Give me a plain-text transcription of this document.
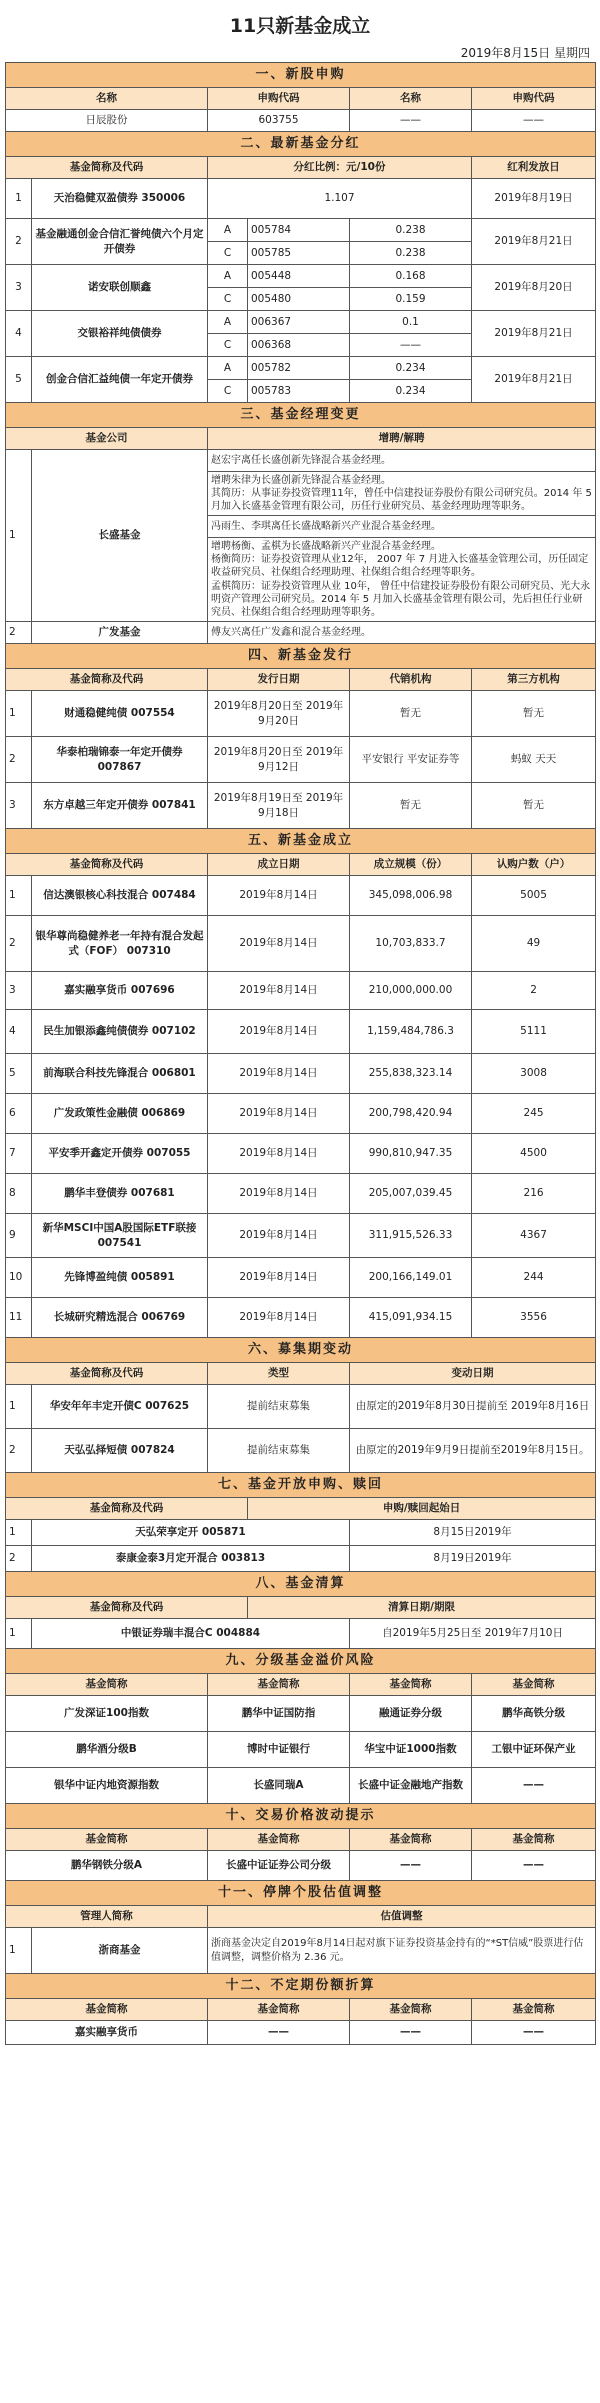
11只新基金成立
2019年8月15日 星期四
一、新股申购					
名称		申购代码		名称	申购代码
日辰股份		603755		——	——
二、最新基金分红					
基金简称及代码		分红比例：元/10份			红利发放日
1	天治稳健双盈债券 350006	1.107			2019年8月19日
2	基金融通创金合信汇誉纯债六个月定开债券	A	005784	0.238	2019年8月21日
		C	005785	0.238	
3	诺安联创顺鑫	A	005448	0.168	2019年8月20日
		C	005480	0.159	
4	交银裕祥纯债债券	A	006367	0.1	2019年8月21日
		C	006368	——	
5	创金合信汇益纯债一年定开债券	A	005782	0.234	2019年8月21日
		C	005783	0.234	
三、基金经理变更					
基金公司		增聘/解聘			
1	长盛基金	赵宏宇离任长盛创新先锋混合基金经理。			

		增聘朱律为长盛创新先锋混合基金经理。
其简历：从事证券投资管理11年，曾任中信建投证券股份有限公司研究员。2014 年 5 月加入长盛基金管理有限公司，历任行业研究员、基金经理助理等职务。			

		冯雨生、李琪离任长盛战略新兴产业混合基金经理。			

		增聘杨衡、孟棋为长盛战略新兴产业混合基金经理。
杨衡简历：证券投资管理从业12年， 2007 年 7 月进入长盛基金管理公司，历任固定收益研究员、社保组合经理助理、社保组合组合经理等职务。
孟棋简历：证券投资管理从业 10年， 曾任中信建投证券股份有限公司研究员、光大永明资产管理公司研究员。2014 年 5 月加入长盛基金管理有限公司，先后担任行业研究员、社保组合组合经理助理等职务。			

2	广发基金	傅友兴离任广发鑫和混合基金经理。			

四、新基金发行					
基金简称及代码		发行日期		代销机构	第三方机构
1	财通稳健纯债 007554	2019年8月20日至 2019年9月20日		暂无	暂无
2	华泰柏瑞锦泰一年定开债券007867	2019年8月20日至 2019年9月12日		平安银行 平安证券等	蚂蚁 天天
3	东方卓越三年定开债券 007841	2019年8月19日至 2019年9月18日		暂无	暂无
五、新基金成立					
基金简称及代码		成立日期		成立规模（份）	认购户数（户）
1	信达澳银核心科技混合 007484	2019年8月14日		345,098,006.98	5005
2	银华尊尚稳健养老一年持有混合发起式（FOF） 007310	2019年8月14日		10,703,833.7	49
3	嘉实融享货币 007696	2019年8月14日		210,000,000.00	2
4	民生加银添鑫纯债债券 007102	2019年8月14日		1,159,484,786.3	5111
5	前海联合科技先锋混合 006801	2019年8月14日		255,838,323.14	3008
6	广发政策性金融债 006869	2019年8月14日		200,798,420.94	245
7	平安季开鑫定开债券 007055	2019年8月14日		990,810,947.35	4500
8	鹏华丰登债券 007681	2019年8月14日		205,007,039.45	216
9	新华MSCI中国A股国际ETF联接 007541	2019年8月14日		311,915,526.33	4367
10	先锋博盈纯债 005891	2019年8月14日		200,166,149.01	244
11	长城研究精选混合 006769	2019年8月14日		415,091,934.15	3556
六、募集期变动					
基金简称及代码		类型		变动日期	
1	华安年年丰定开债C 007625	提前结束募集		由原定的2019年8月30日提前至 2019年8月16日	
2	天弘弘择短债 007824	提前结束募集		由原定的2019年9月9日提前至2019年8月15日。	
七、基金开放申购、赎回					
基金简称及代码			申购/赎回起始日		
1	天弘荣享定开 005871			8月15日2019年	
2	泰康金泰3月定开混合 003813			8月19日2019年	
八、基金清算					
基金简称及代码			清算日期/期限		
1	中银证券瑞丰混合C 004884			自2019年5月25日至 2019年7月10日	
九、分级基金溢价风险					
基金简称		基金简称		基金简称	基金简称
广发深证100指数		鹏华中证国防指		融通证券分级	鹏华高铁分级
鹏华酒分级B		博时中证银行		华宝中证1000指数	工银中证环保产业
银华中证内地资源指数		长盛同瑞A		长盛中证金融地产指数	——
十、交易价格波动提示					
基金简称		基金简称		基金简称	基金简称
鹏华钢铁分级A		长盛中证证券公司分级		——	——
十一、停牌个股估值调整					
管理人简称		估值调整			
1	浙商基金	浙商基金决定自2019年8月14日起对旗下证券投资基金持有的“*ST信威”股票进行估值调整，调整价格为 2.36 元。			
十二、不定期份额折算					
基金简称		基金简称		基金简称	基金简称
嘉实融享货币		——		——	——
